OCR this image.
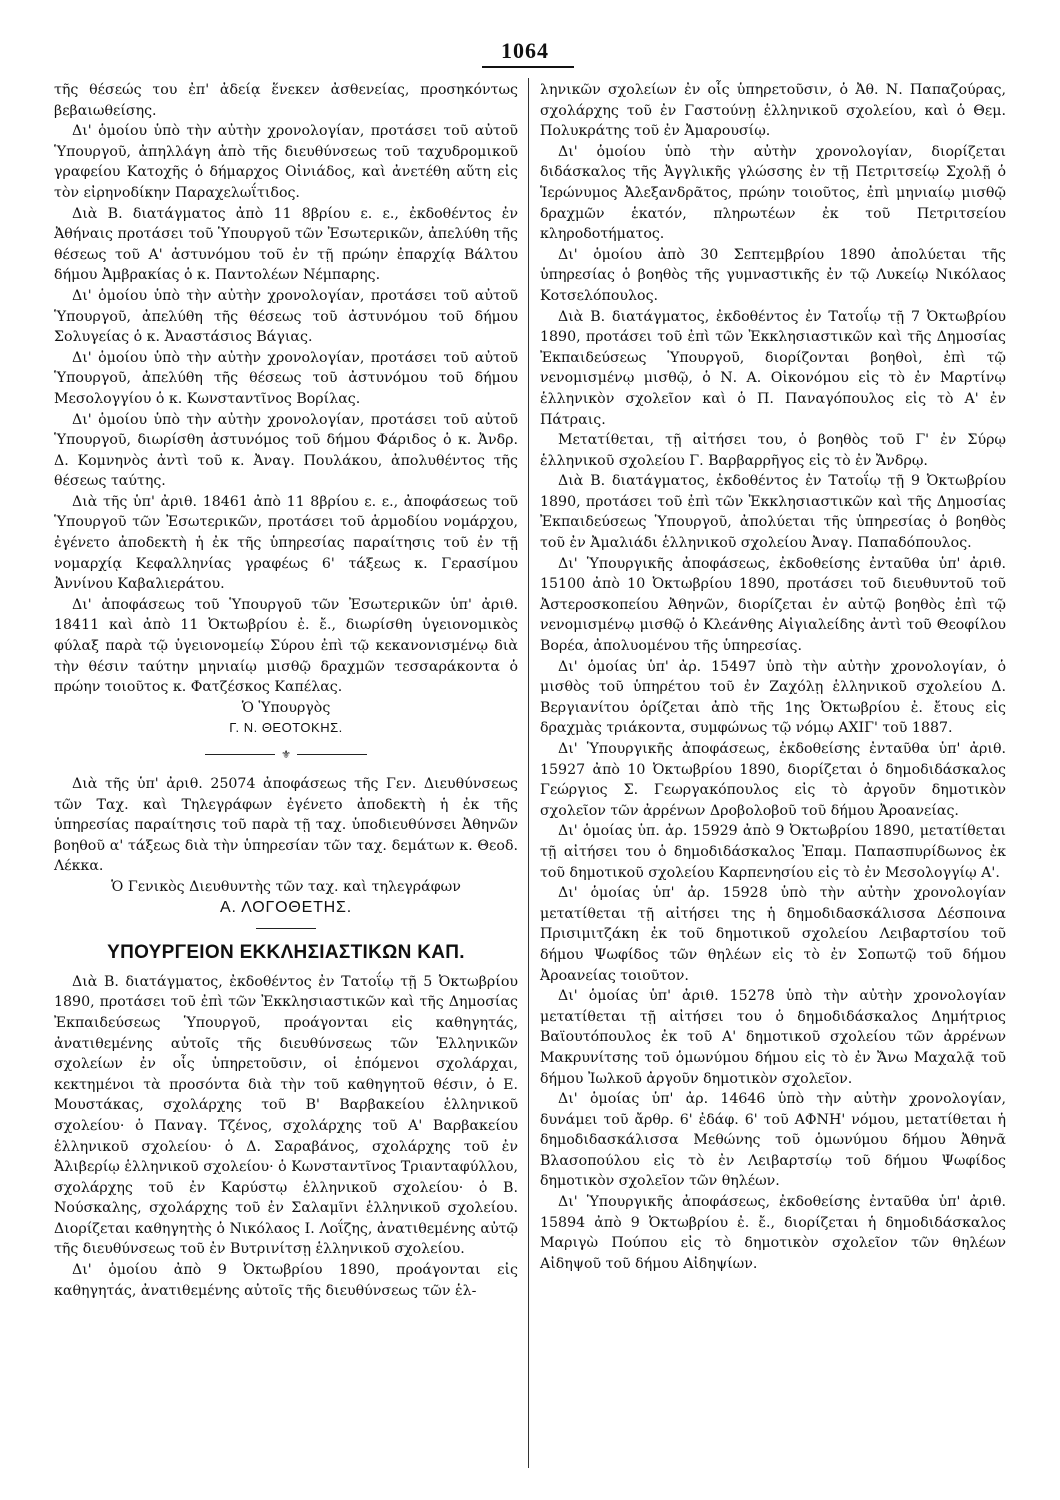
1064

τῆς θέσεώς του ἐπ' ἀδείᾳ ἕνεκεν ἀσθενείας, προσηκόντως βεβαιωθείσης.

Δι' ὁμοίου ὑπὸ τὴν αὐτὴν χρονολογίαν, προτάσει τοῦ αὐτοῦ Ὑπουργοῦ, ἀπηλλάγη ἀπὸ τῆς διευθύνσεως τοῦ ταχυδρομικοῦ γραφείου Κατοχῆς ὁ δήμαρχος Οἰνιάδος, καὶ ἀνετέθη αὕτη εἰς τὸν εἰρηνοδίκην Παραχελωΐτιδος.

Διὰ Β. διατάγματος ἀπὸ 11 8βρίου ε. ε., ἐκδοθέντος ἐν Ἀθήναις προτάσει τοῦ Ὑπουργοῦ τῶν Ἐσωτερικῶν, ἀπελύθη τῆς θέσεως τοῦ Α' ἀστυνόμου τοῦ ἐν τῇ πρώην ἐπαρχίᾳ Βάλτου δήμου Ἀμβρακίας ὁ κ. Παντολέων Νέμπαρης.

Δι' ὁμοίου ὑπὸ τὴν αὐτὴν χρονολογίαν, προτάσει τοῦ αὐτοῦ Ὑπουργοῦ, ἀπελύθη τῆς θέσεως τοῦ ἀστυνόμου τοῦ δήμου Σολυγείας ὁ κ. Ἀναστάσιος Βάγιας.

Δι' ὁμοίου ὑπὸ τὴν αὐτὴν χρονολογίαν, προτάσει τοῦ αὐτοῦ Ὑπουργοῦ, ἀπελύθη τῆς θέσεως τοῦ ἀστυνόμου τοῦ δήμου Μεσολογγίου ὁ κ. Κωνσταντῖνος Βορίλας.

Δι' ὁμοίου ὑπὸ τὴν αὐτὴν χρονολογίαν, προτάσει τοῦ αὐτοῦ Ὑπουργοῦ, διωρίσθη ἀστυνόμος τοῦ δήμου Φάριδος ὁ κ. Ἀνδρ. Δ. Κομνηνὸς ἀντὶ τοῦ κ. Ἀναγ. Πουλάκου, ἀπολυθέντος τῆς θέσεως ταύτης.

Διὰ τῆς ὑπ' ἀριθ. 18461 ἀπὸ 11 8βρίου ε. ε., ἀποφάσεως τοῦ Ὑπουργοῦ τῶν Ἐσωτερικῶν, προτάσει τοῦ ἁρμοδίου νομάρχου, ἐγένετο ἀποδεκτὴ ἡ ἐκ τῆς ὑπηρεσίας παραίτησις τοῦ ἐν τῇ νομαρχίᾳ Κεφαλληνίας γραφέως 6' τάξεως κ. Γερασίμου Ἀννίνου Καβαλιεράτου.

Δι' ἀποφάσεως τοῦ Ὑπουργοῦ τῶν Ἐσωτερικῶν ὑπ' ἀριθ. 18411 καὶ ἀπὸ 11 Ὀκτωβρίου ἐ. ἔ., διωρίσθη ὑγειονομικὸς φύλαξ παρὰ τῷ ὑγειονομείῳ Σύρου ἐπὶ τῷ κεκανονισμένῳ διὰ τὴν θέσιν ταύτην μηνιαίῳ μισθῷ δραχμῶν τεσσαράκοντα ὁ πρώην τοιοῦτος κ. Φατζέσκος Καπέλας.

Ὁ Ὑπουργὸς
Γ. Ν. ΘΕΟΤΟΚΗΣ.
⚜

Διὰ τῆς ὑπ' ἀριθ. 25074 ἀποφάσεως τῆς Γεν. Διευθύνσεως τῶν Ταχ. καὶ Τηλεγράφων ἐγένετο ἀποδεκτὴ ἡ ἐκ τῆς ὑπηρεσίας παραίτησις τοῦ παρὰ τῇ ταχ. ὑποδιευθύνσει Ἀθηνῶν βοηθοῦ α' τάξεως διὰ τὴν ὑπηρεσίαν τῶν ταχ. δεμάτων κ. Θεοδ. Λέκκα.

Ὁ Γενικὸς Διευθυντὴς τῶν ταχ. καὶ τηλεγράφων
Α. ΛΟΓΟΘΕΤΗΣ.
ΥΠΟΥΡΓΕΙΟΝ ΕΚΚΛΗΣΙΑΣΤΙΚΩΝ ΚΑΠ.

Διὰ Β. διατάγματος, ἐκδοθέντος ἐν Τατοΐῳ τῇ 5 Ὀκτωβρίου 1890, προτάσει τοῦ ἐπὶ τῶν Ἐκκλησιαστικῶν καὶ τῆς Δημοσίας Ἐκπαιδεύσεως Ὑπουργοῦ, προάγονται εἰς καθηγητάς, ἀνατιθεμένης αὐτοῖς τῆς διευθύνσεως τῶν Ἑλληνικῶν σχολείων ἐν οἷς ὑπηρετοῦσιν, οἱ ἑπόμενοι σχολάρχαι, κεκτημένοι τὰ προσόντα διὰ τὴν τοῦ καθηγητοῦ θέσιν, ὁ Ε. Μουστάκας, σχολάρχης τοῦ Β' Βαρβακείου ἑλληνικοῦ σχολείου· ὁ Παναγ. Τζένος, σχολάρχης τοῦ Α' Βαρβακείου ἑλληνικοῦ σχολείου· ὁ Δ. Σαραβάνος, σχολάρχης τοῦ ἐν Ἀλιβερίῳ ἑλληνικοῦ σχολείου· ὁ Κωνσταντῖνος Τριανταφύλλου, σχολάρχης τοῦ ἐν Καρύστῳ ἑλληνικοῦ σχολείου· ὁ Β. Νούσκαλης, σχολάρχης τοῦ ἐν Σαλαμῖνι ἑλληνικοῦ σχολείου. Διορίζεται καθηγητὴς ὁ Νικόλαος Ι. Λοΐζης, ἀνατιθεμένης αὐτῷ τῆς διευθύνσεως τοῦ ἐν Βυτρινίτσῃ ἑλληνικοῦ σχολείου.

Δι' ὁμοίου ἀπὸ 9 Ὀκτωβρίου 1890, προάγονται εἰς καθηγητάς, ἀνατιθεμένης αὐτοῖς τῆς διευθύνσεως τῶν ἑλ-

ληνικῶν σχολείων ἐν οἷς ὑπηρετοῦσιν, ὁ Ἀθ. Ν. Παπαζούρας, σχολάρχης τοῦ ἐν Γαστούνῃ ἑλληνικοῦ σχολείου, καὶ ὁ Θεμ. Πολυκράτης τοῦ ἐν Ἀμαρουσίῳ.

Δι' ὁμοίου ὑπὸ τὴν αὐτὴν χρονολογίαν, διορίζεται διδάσκαλος τῆς Ἀγγλικῆς γλώσσης ἐν τῇ Πετριτσείῳ Σχολῇ ὁ Ἱερώνυμος Ἀλεξανδρᾶτος, πρώην τοιοῦτος, ἐπὶ μηνιαίῳ μισθῷ δραχμῶν ἑκατόν, πληρωτέων ἐκ τοῦ Πετριτσείου κληροδοτήματος.

Δι' ὁμοίου ἀπὸ 30 Σεπτεμβρίου 1890 ἀπολύεται τῆς ὑπηρεσίας ὁ βοηθὸς τῆς γυμναστικῆς ἐν τῷ Λυκείῳ Νικόλαος Κοτσελόπουλος.

Διὰ Β. διατάγματος, ἐκδοθέντος ἐν Τατοΐῳ τῇ 7 Ὀκτωβρίου 1890, προτάσει τοῦ ἐπὶ τῶν Ἐκκλησιαστικῶν καὶ τῆς Δημοσίας Ἐκπαιδεύσεως Ὑπουργοῦ, διορίζονται βοηθοὶ, ἐπὶ τῷ νενομισμένῳ μισθῷ, ὁ Ν. Α. Οἰκονόμου εἰς τὸ ἐν Μαρτίνῳ ἑλληνικὸν σχολεῖον καὶ ὁ Π. Παναγόπουλος εἰς τὸ Α' ἐν Πάτραις.

Μετατίθεται, τῇ αἰτήσει του, ὁ βοηθὸς τοῦ Γ' ἐν Σύρῳ ἑλληνικοῦ σχολείου Γ. Βαρβαρρῆγος εἰς τὸ ἐν Ἄνδρῳ.

Διὰ Β. διατάγματος, ἐκδοθέντος ἐν Τατοΐῳ τῇ 9 Ὀκτωβρίου 1890, προτάσει τοῦ ἐπὶ τῶν Ἐκκλησιαστικῶν καὶ τῆς Δημοσίας Ἐκπαιδεύσεως Ὑπουργοῦ, ἀπολύεται τῆς ὑπηρεσίας ὁ βοηθὸς τοῦ ἐν Ἀμαλιάδι ἑλληνικοῦ σχολείου Ἀναγ. Παπαδόπουλος.

Δι' Ὑπουργικῆς ἀποφάσεως, ἐκδοθείσης ἐνταῦθα ὑπ' ἀριθ. 15100 ἀπὸ 10 Ὀκτωβρίου 1890, προτάσει τοῦ διευθυντοῦ τοῦ Ἀστεροσκοπείου Ἀθηνῶν, διορίζεται ἐν αὐτῷ βοηθὸς ἐπὶ τῷ νενομισμένῳ μισθῷ ὁ Κλεάνθης Αἰγιαλείδης ἀντὶ τοῦ Θεοφίλου Βορέα, ἀπολυομένου τῆς ὑπηρεσίας.

Δι' ὁμοίας ὑπ' ἀρ. 15497 ὑπὸ τὴν αὐτὴν χρονολογίαν, ὁ μισθὸς τοῦ ὑπηρέτου τοῦ ἐν Ζαχόλῃ ἑλληνικοῦ σχολείου Δ. Βεργιανίτου ὁρίζεται ἀπὸ τῆς 1ης Ὀκτωβρίου ἐ. ἔτους εἰς δραχμὰς τριάκοντα, συμφώνως τῷ νόμῳ ΑΧΙΓ' τοῦ 1887.

Δι' Ὑπουργικῆς ἀποφάσεως, ἐκδοθείσης ἐνταῦθα ὑπ' ἀριθ. 15927 ἀπὸ 10 Ὀκτωβρίου 1890, διορίζεται ὁ δημοδιδάσκαλος Γεώργιος Σ. Γεωργακόπουλος εἰς τὸ ἀργοῦν δημοτικὸν σχολεῖον τῶν ἀρρένων Δροβολοβοῦ τοῦ δήμου Ἀροανείας.

Δι' ὁμοίας ὑπ. ἀρ. 15929 ἀπὸ 9 Ὀκτωβρίου 1890, μετατίθεται τῇ αἰτήσει του ὁ δημοδιδάσκαλος Ἐπαμ. Παπασπυρίδωνος ἐκ τοῦ δημοτικοῦ σχολείου Καρπενησίου εἰς τὸ ἐν Μεσολογγίῳ Α'.

Δι' ὁμοίας ὑπ' ἀρ. 15928 ὑπὸ τὴν αὐτὴν χρονολογίαν μετατίθεται τῇ αἰτήσει της ἡ δημοδιδασκάλισσα Δέσποινα Πρισιμιτζάκη ἐκ τοῦ δημοτικοῦ σχολείου Λειβαρτσίου τοῦ δήμου Ψωφίδος τῶν θηλέων εἰς τὸ ἐν Σοπωτῷ τοῦ δήμου Ἀροανείας τοιοῦτον.

Δι' ὁμοίας ὑπ' ἀριθ. 15278 ὑπὸ τὴν αὐτὴν χρονολογίαν μετατίθεται τῇ αἰτήσει του ὁ δημοδιδάσκαλος Δημήτριος Βαϊουτόπουλος ἐκ τοῦ Α' δημοτικοῦ σχολείου τῶν ἀρρένων Μακρυνίτσης τοῦ ὁμωνύμου δήμου εἰς τὸ ἐν Ἄνω Μαχαλᾷ τοῦ δήμου Ἰωλκοῦ ἀργοῦν δημοτικὸν σχολεῖον.

Δι' ὁμοίας ὑπ' ἀρ. 14646 ὑπὸ τὴν αὐτὴν χρονολογίαν, δυνάμει τοῦ ἄρθρ. 6' ἐδάφ. 6' τοῦ ΑΦΝΗ' νόμου, μετατίθεται ἡ δημοδιδασκάλισσα Μεθώνης τοῦ ὁμωνύμου δήμου Ἀθηνᾶ Βλασοπούλου εἰς τὸ ἐν Λειβαρτσίῳ τοῦ δήμου Ψωφίδος δημοτικὸν σχολεῖον τῶν θηλέων.

Δι' Ὑπουργικῆς ἀποφάσεως, ἐκδοθείσης ἐνταῦθα ὑπ' ἀριθ. 15894 ἀπὸ 9 Ὀκτωβρίου ἐ. ἔ., διορίζεται ἡ δημοδιδάσκαλος Μαριγὼ Πούπου εἰς τὸ δημοτικὸν σχολεῖον τῶν θηλέων Αἰδηψοῦ τοῦ δήμου Αἰδηψίων.
